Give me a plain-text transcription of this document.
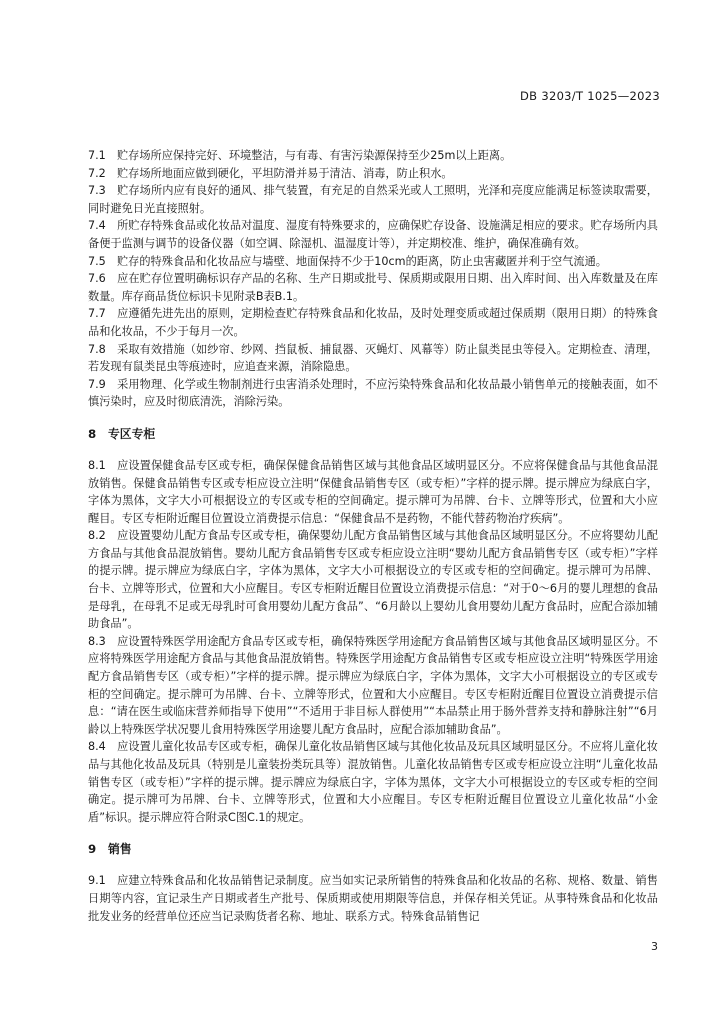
DB 3203/T 1025—2023

7.1　贮存场所应保持完好、环境整洁，与有毒、有害污染源保持至少25m以上距离。

7.2　贮存场所地面应做到硬化，平坦防滑并易于清洁、消毒，防止积水。

7.3　贮存场所内应有良好的通风、排气装置，有充足的自然采光或人工照明，光泽和亮度应能满足标签读取需要，同时避免日光直接照射。

7.4　所贮存特殊食品或化妆品对温度、湿度有特殊要求的，应确保贮存设备、设施满足相应的要求。贮存场所内具备便于监测与调节的设备仪器（如空调、除湿机、温湿度计等），并定期校准、维护，确保准确有效。

7.5　贮存的特殊食品和化妆品应与墙壁、地面保持不少于10cm的距离，防止虫害藏匿并利于空气流通。

7.6　应在贮存位置明确标识存产品的名称、生产日期或批号、保质期或限用日期、出入库时间、出入库数量及在库数量。库存商品货位标识卡见附录B表B.1。

7.7　应遵循先进先出的原则，定期检查贮存特殊食品和化妆品，及时处理变质或超过保质期（限用日期）的特殊食品和化妆品，不少于每月一次。

7.8　采取有效措施（如纱帘、纱网、挡鼠板、捕鼠器、灭蝇灯、风幕等）防止鼠类昆虫等侵入。定期检查、清理，若发现有鼠类昆虫等痕迹时，应追查来源，消除隐患。

7.9　采用物理、化学或生物制剂进行虫害消杀处理时，不应污染特殊食品和化妆品最小销售单元的接触表面，如不慎污染时，应及时彻底清洗，消除污染。

8　专区专柜

8.1　应设置保健食品专区或专柜，确保保健食品销售区域与其他食品区域明显区分。不应将保健食品与其他食品混放销售。保健食品销售专区或专柜应设立注明“保健食品销售专区（或专柜）”字样的提示牌。提示牌应为绿底白字，字体为黑体，文字大小可根据设立的专区或专柜的空间确定。提示牌可为吊牌、台卡、立牌等形式，位置和大小应醒目。专区专柜附近醒目位置设立消费提示信息：“保健食品不是药物，不能代替药物治疗疾病”。

8.2　应设置婴幼儿配方食品专区或专柜，确保婴幼儿配方食品销售区域与其他食品区域明显区分。不应将婴幼儿配方食品与其他食品混放销售。婴幼儿配方食品销售专区或专柜应设立注明“婴幼儿配方食品销售专区（或专柜）”字样的提示牌。提示牌应为绿底白字，字体为黑体，文字大小可根据设立的专区或专柜的空间确定。提示牌可为吊牌、台卡、立牌等形式，位置和大小应醒目。专区专柜附近醒目位置设立消费提示信息：“对于0～6月的婴儿理想的食品是母乳，在母乳不足或无母乳时可食用婴幼儿配方食品”、“6月龄以上婴幼儿食用婴幼儿配方食品时，应配合添加辅助食品”。

8.3　应设置特殊医学用途配方食品专区或专柜，确保特殊医学用途配方食品销售区域与其他食品区域明显区分。不应将特殊医学用途配方食品与其他食品混放销售。特殊医学用途配方食品销售专区或专柜应设立注明“特殊医学用途配方食品销售专区（或专柜）”字样的提示牌。提示牌应为绿底白字，字体为黑体，文字大小可根据设立的专区或专柜的空间确定。提示牌可为吊牌、台卡、立牌等形式，位置和大小应醒目。专区专柜附近醒目位置设立消费提示信息：“请在医生或临床营养师指导下使用”“不适用于非目标人群使用”“本品禁止用于肠外营养支持和静脉注射”“6月龄以上特殊医学状况婴儿食用特殊医学用途婴儿配方食品时，应配合添加辅助食品”。

8.4　应设置儿童化妆品专区或专柜，确保儿童化妆品销售区域与其他化妆品及玩具区域明显区分。不应将儿童化妆品与其他化妆品及玩具（特别是儿童装扮类玩具等）混放销售。儿童化妆品销售专区或专柜应设立注明“儿童化妆品销售专区（或专柜）”字样的提示牌。提示牌应为绿底白字，字体为黑体，文字大小可根据设立的专区或专柜的空间确定。提示牌可为吊牌、台卡、立牌等形式，位置和大小应醒目。专区专柜附近醒目位置设立儿童化妆品“小金盾”标识。提示牌应符合附录C图C.1的规定。

9　销售

9.1　应建立特殊食品和化妆品销售记录制度。应当如实记录所销售的特殊食品和化妆品的名称、规格、数量、销售日期等内容，宜记录生产日期或者生产批号、保质期或使用期限等信息，并保存相关凭证。从事特殊食品和化妆品批发业务的经营单位还应当记录购货者名称、地址、联系方式。特殊食品销售记

3
